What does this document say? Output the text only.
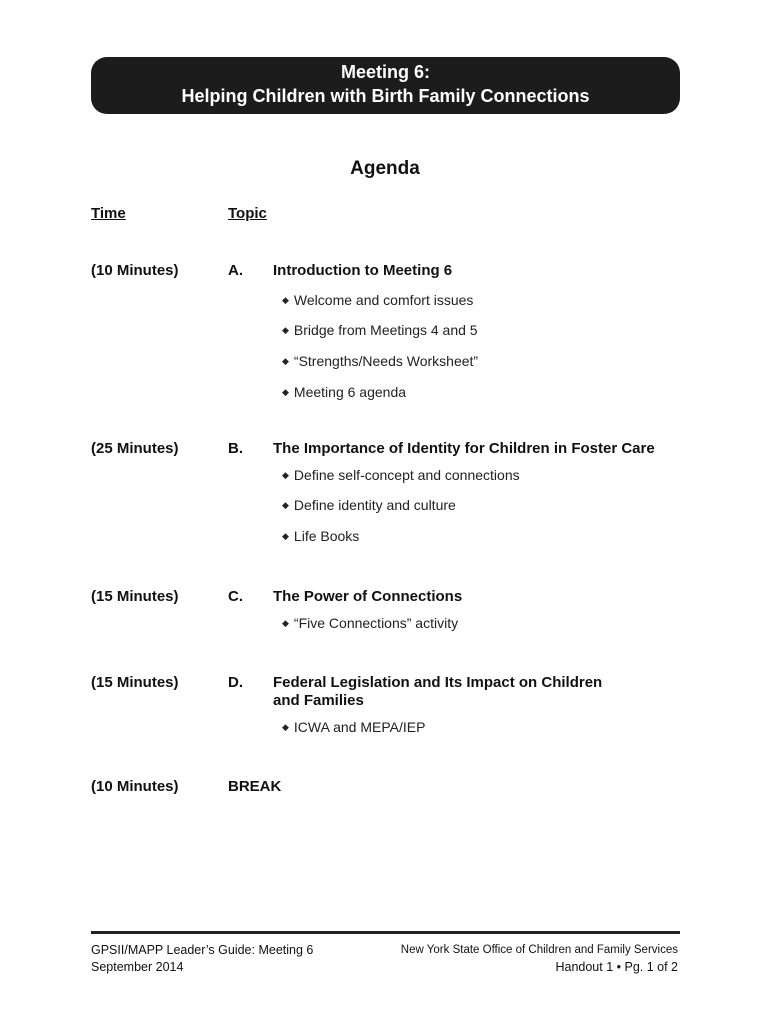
Meeting 6:
Helping Children with Birth Family Connections
Agenda
Time	Topic
(10 Minutes)	A. Introduction to Meeting 6
◆ Welcome and comfort issues
◆ Bridge from Meetings 4 and 5
◆ “Strengths/Needs Worksheet”
◆ Meeting 6 agenda
(25 Minutes)	B. The Importance of Identity for Children in Foster Care
◆ Define self-concept and connections
◆ Define identity and culture
◆ Life Books
(15 Minutes)	C. The Power of Connections
◆ “Five Connections” activity
(15 Minutes)	D. Federal Legislation and Its Impact on Children
and Families
◆ ICWA and MEPA/IEP
(10 Minutes)	BREAK
GPSII/MAPP Leader’s Guide: Meeting 6
September 2014
New York State Office of Children and Family Services
Handout 1 • Pg. 1 of 2
